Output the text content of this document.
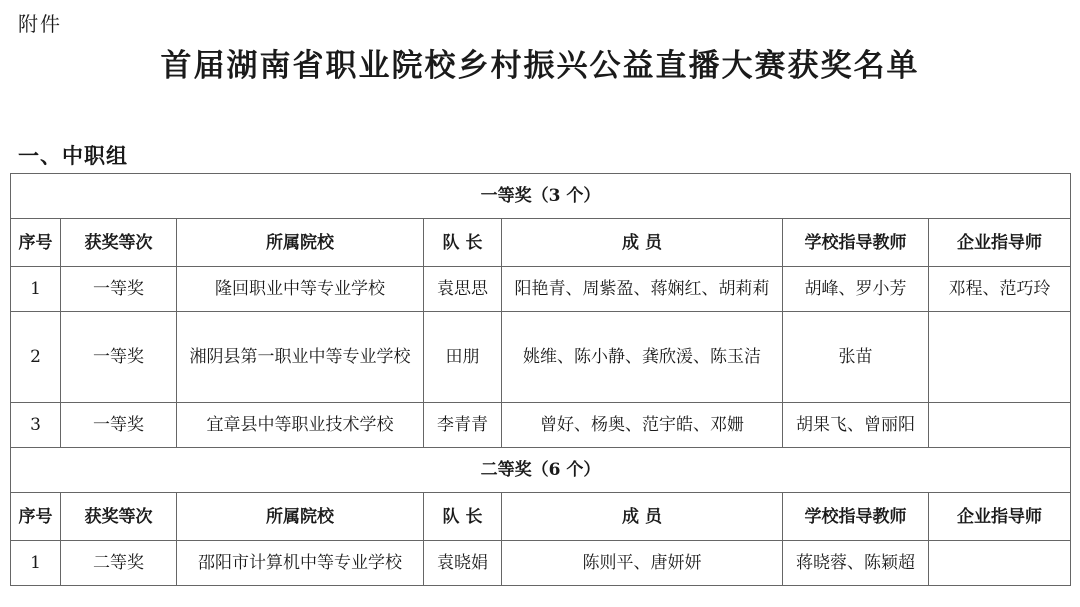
附件
首届湖南省职业院校乡村振兴公益直播大赛获奖名单
一、中职组
一等奖（3 个）						
序号	获奖等次	所属院校	队 长	成 员	学校指导教师	企业指导师
1	一等奖	隆回职业中等专业学校	袁思思	阳艳青、周紫盈、蒋娴红、胡莉莉	胡峰、罗小芳	邓程、范巧玲
2	一等奖	湘阴县第一职业中等专业学校	田朋	姚维、陈小静、龚欣湲、陈玉洁	张苗	
3	一等奖	宜章县中等职业技术学校	李青青	曾好、杨奥、范宇皓、邓姗	胡果飞、曾丽阳	
二等奖（6 个）						
序号	获奖等次	所属院校	队 长	成 员	学校指导教师	企业指导师
1	二等奖	邵阳市计算机中等专业学校	袁晓娟	陈则平、唐妍妍	蒋晓蓉、陈颖超	
